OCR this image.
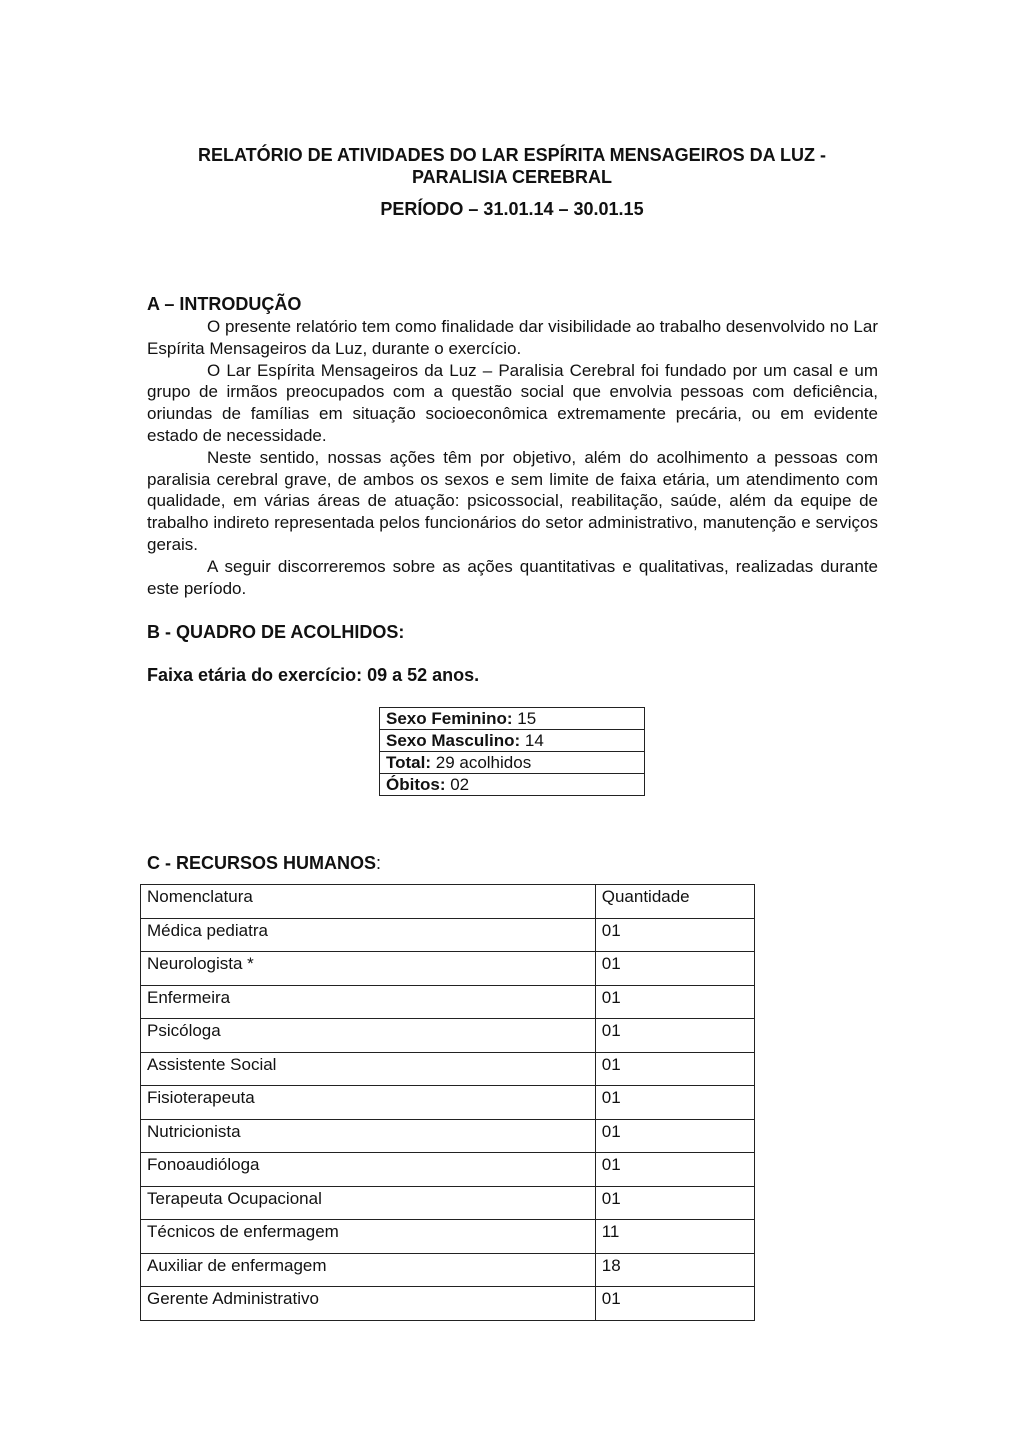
RELATÓRIO DE ATIVIDADES DO LAR ESPÍRITA MENSAGEIROS DA LUZ -
PARALISIA CEREBRAL
PERÍODO – 31.01.14 – 30.01.15
A – INTRODUÇÃO

O presente relatório tem como finalidade dar visibilidade ao trabalho desenvolvido no Lar Espírita Mensageiros da Luz, durante o exercício.

O Lar Espírita Mensageiros da Luz – Paralisia Cerebral foi fundado por um casal e um grupo de irmãos preocupados com a questão social que envolvia pessoas com deficiência, oriundas de famílias em situação socioeconômica extremamente precária, ou em evidente estado de necessidade.

Neste sentido, nossas ações têm por objetivo, além do acolhimento a pessoas com paralisia cerebral grave, de ambos os sexos e sem limite de faixa etária, um atendimento com qualidade, em várias áreas de atuação: psicossocial, reabilitação, saúde, além da equipe de trabalho indireto representada pelos funcionários do setor administrativo, manutenção e serviços gerais.

A seguir discorreremos sobre as ações quantitativas e qualitativas, realizadas durante este período.

B - QUADRO DE ACOLHIDOS:
Faixa etária do exercício: 09 a 52 anos.
Sexo Feminino: 15
Sexo Masculino: 14
Total: 29 acolhidos
Óbitos: 02
C - RECURSOS HUMANOS:
Nomenclatura	Quantidade
Médica pediatra	01
Neurologista *	01
Enfermeira	01
Psicóloga	01
Assistente Social	01
Fisioterapeuta	01
Nutricionista	01
Fonoaudióloga	01
Terapeuta Ocupacional	01
Técnicos de enfermagem	11
Auxiliar de enfermagem	18
Gerente Administrativo	01
